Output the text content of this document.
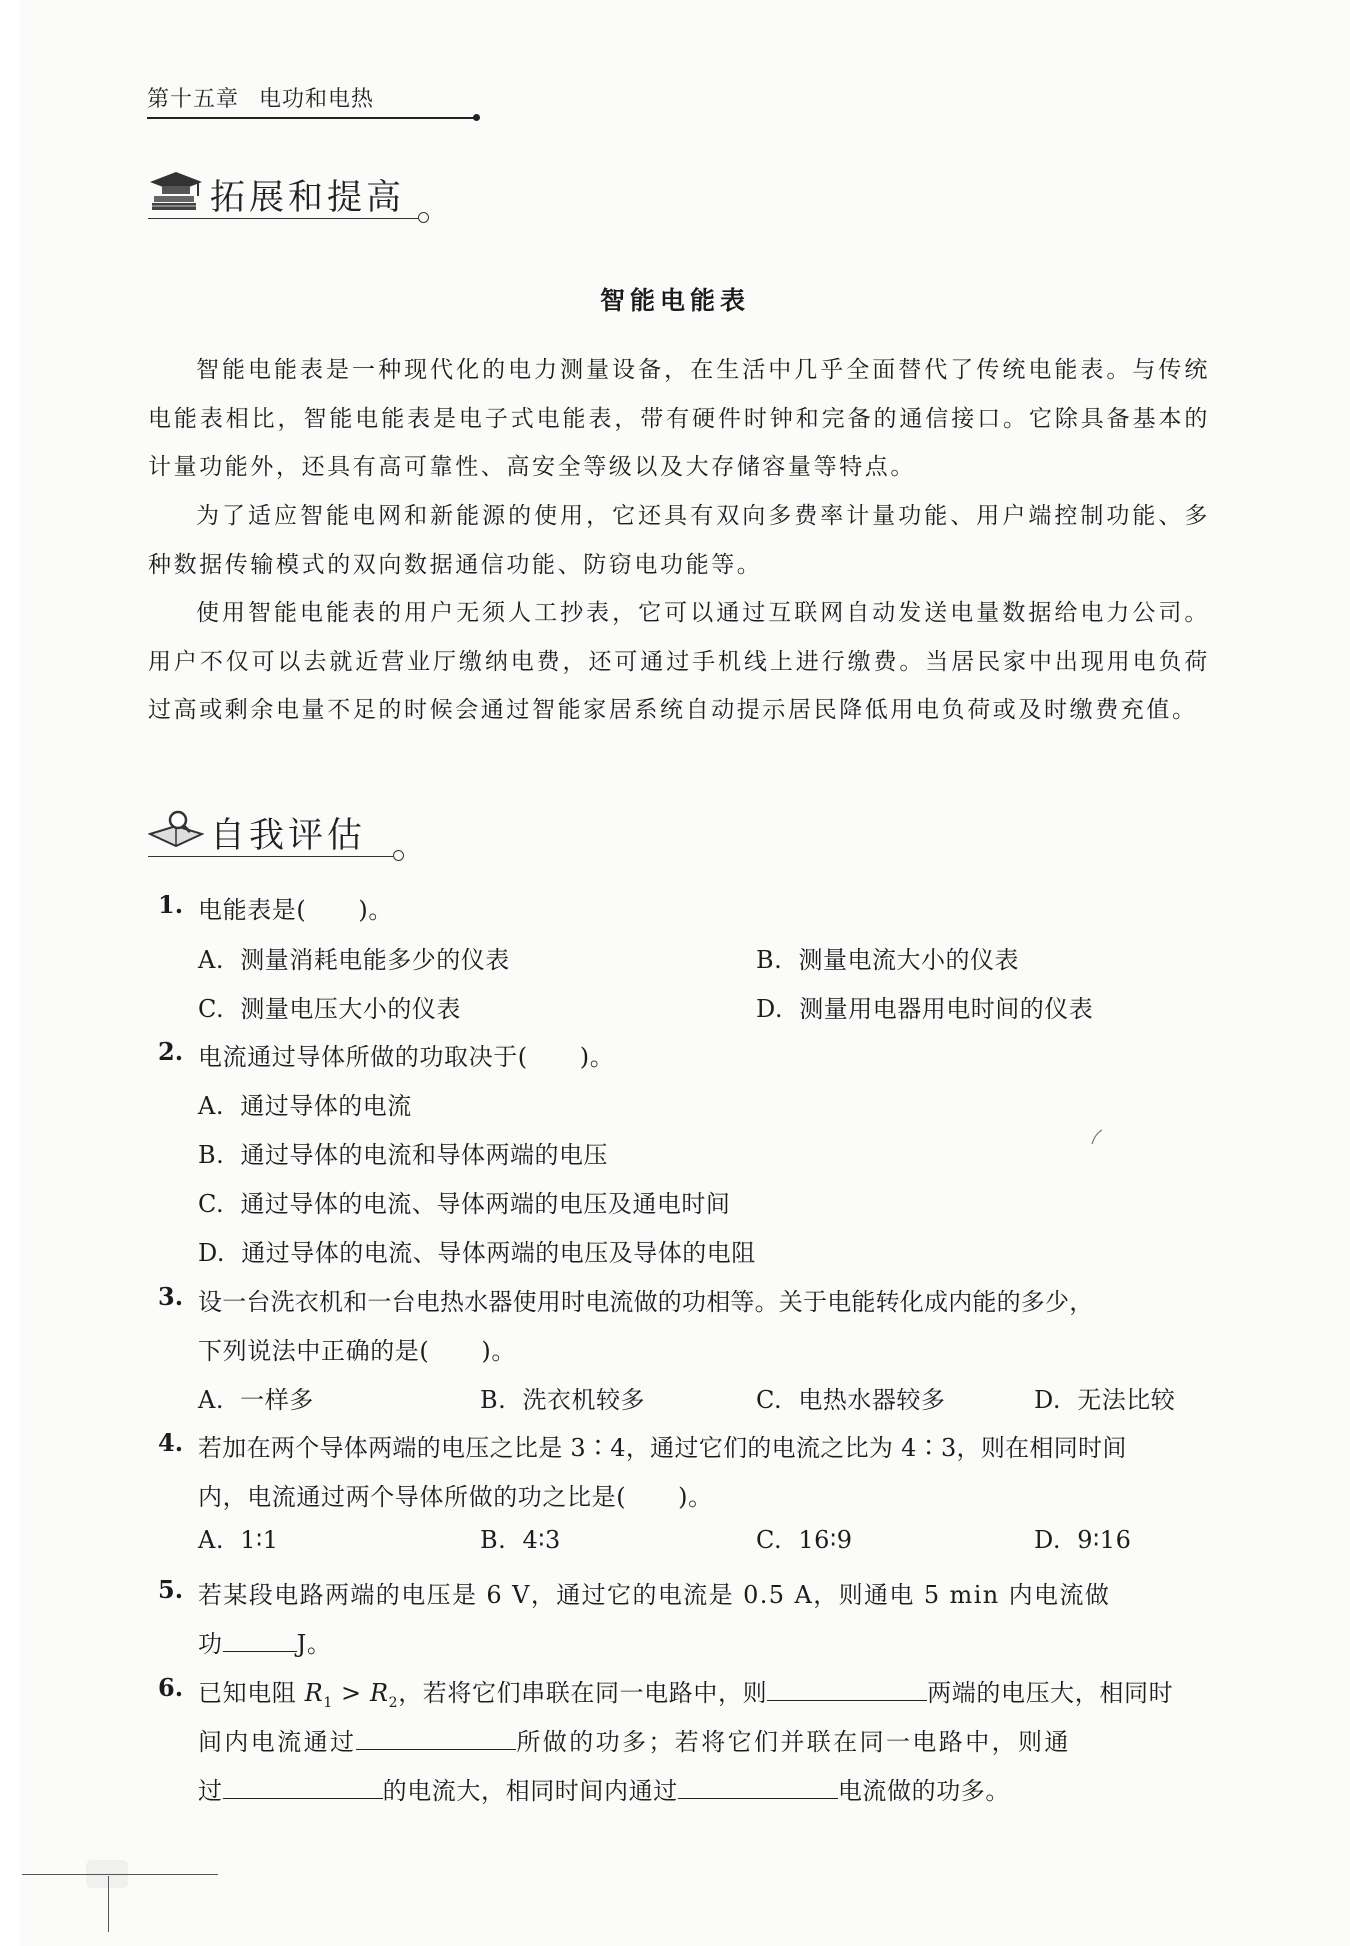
第十五章 电功和电热
拓展和提高
智能电能表

智能电能表是一种现代化的电力测量设备，在生活中几乎全面替代了传统电能表。与传统电能表相比，智能电能表是电子式电能表，带有硬件时钟和完备的通信接口。它除具备基本的计量功能外，还具有高可靠性、高安全等级以及大存储容量等特点。

为了适应智能电网和新能源的使用，它还具有双向多费率计量功能、用户端控制功能、多种数据传输模式的双向数据通信功能、防窃电功能等。

使用智能电能表的用户无须人工抄表，它可以通过互联网自动发送电量数据给电力公司。用户不仅可以去就近营业厅缴纳电费，还可通过手机线上进行缴费。当居民家中出现用电负荷过高或剩余电量不足的时候会通过智能家居系统自动提示居民降低用电负荷或及时缴费充值。

自我评估
1. 电能表是( )。
A. 测量消耗电能多少的仪表	B. 测量电流大小的仪表
C. 测量电压大小的仪表	D. 测量用电器用电时间的仪表
2. 电流通过导体所做的功取决于( )。
A. 通过导体的电流
B. 通过导体的电流和导体两端的电压
C. 通过导体的电流、导体两端的电压及通电时间
D. 通过导体的电流、导体两端的电压及导体的电阻
3. 设一台洗衣机和一台电热水器使用时电流做的功相等。关于电能转化成内能的多少，
下列说法中正确的是( )。
A. 一样多	B. 洗衣机较多	C. 电热水器较多	D. 无法比较
4. 若加在两个导体两端的电压之比是 3∶4，通过它们的电流之比为 4∶3，则在相同时间
内，电流通过两个导体所做的功之比是( )。
A. 1∶1	B. 4∶3	C. 16∶9	D. 9∶16
5. 若某段电路两端的电压是 6 V，通过它的电流是 0.5 A，则通电 5 min 内电流做
功	J。
6. 已知电阻 $R_1 > R_2$，若将它们串联在同一电路中，则	两端的电压大，相同时
间内电流通过	所做的功多；若将它们并联在同一电路中，则通
过	的电流大，相同时间内通过	电流做的功多。
